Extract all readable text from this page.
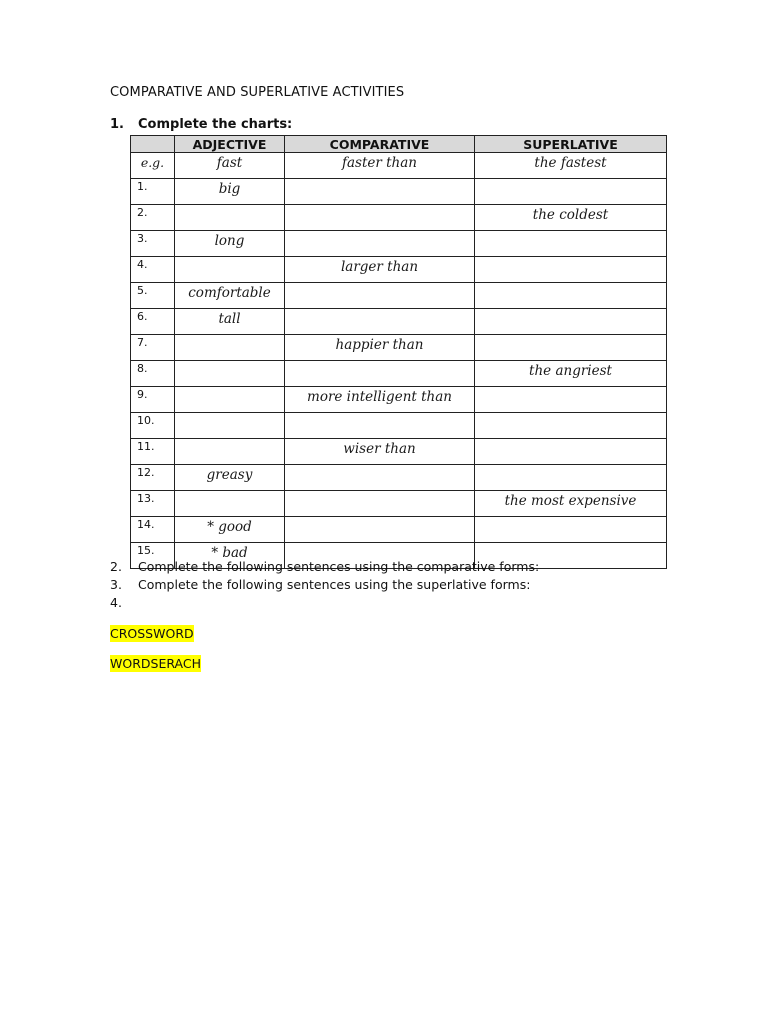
COMPARATIVE AND SUPERLATIVE ACTIVITIES
1. Complete the charts:
	ADJECTIVE	COMPARATIVE	SUPERLATIVE
e.g.	fast	faster than	the fastest
1.	big		
2.			the coldest
3.	long		
4.		larger than	
5.	comfortable		
6.	tall		
7.		happier than	
8.			the angriest
9.		more intelligent than	
10.			
11.		wiser than	
12.	greasy		
13.			the most expensive
14.	* good		
15.	* bad		
2. Complete the following sentences using the comparative forms:
3. Complete the following sentences using the superlative forms:
4.
CROSSWORD
WORDSERACH
